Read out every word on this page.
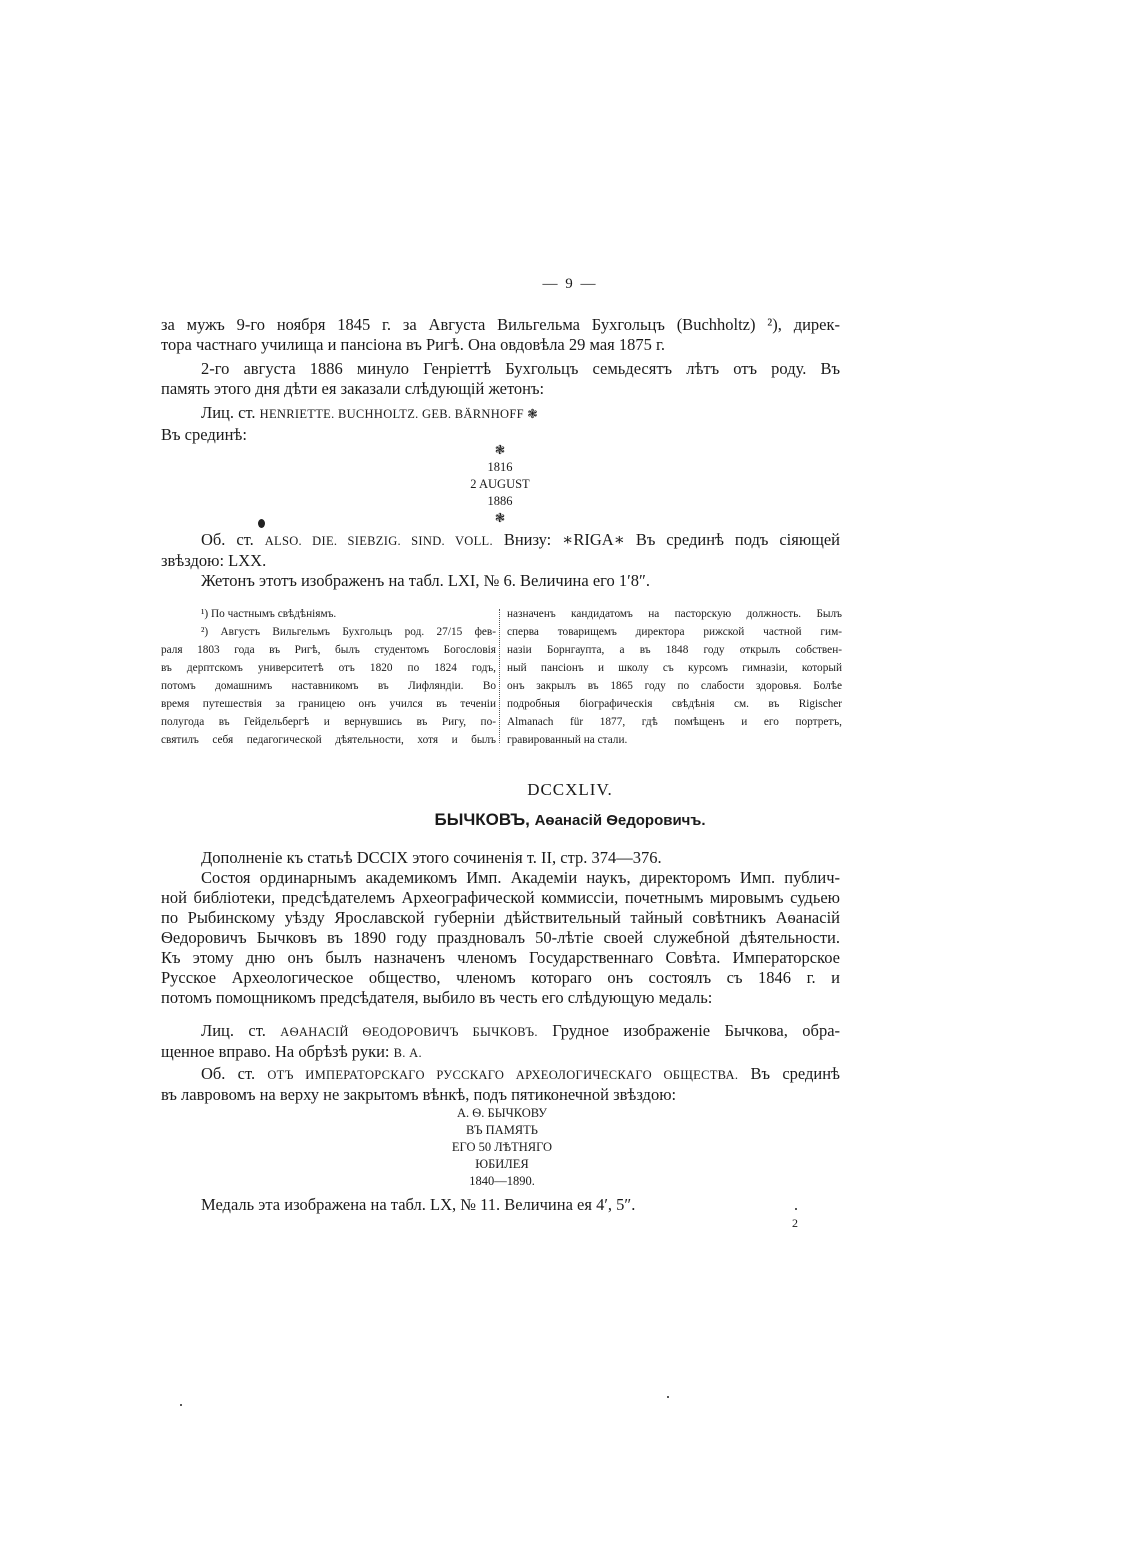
— 9 —
за мужъ 9-го ноября 1845 г. за Августа Вильгельма Бухгольцъ (Buchholtz) ²), дирек-
тора частнаго училища и пансіона въ Ригѣ. Она овдовѣла 29 мая 1875 г.
2-го августа 1886 минуло Генріеттѣ Бухгольцъ семьдесятъ лѣтъ отъ роду. Въ
память этого дня дѣти ея заказали слѣдующій жетонъ:
Лиц. ст. HENRIETTE. BUCHHOLTZ. GEB. BÄRNHOFF ❃
Въ срединѣ:
❃
1816
2 AUGUST
1886
❃
Об. ст. ALSO. DIE. SIEBZIG. SIND. VOLL. Внизу: ∗RIGA∗ Въ срединѣ подъ сіяющей
звѣздою: LXX.
Жетонъ этотъ изображенъ на табл. LXI, № 6. Величина его 1′8″.
¹) По частнымъ свѣдѣніямъ.
²) Августъ Вильгельмъ Бухгольцъ род. 27/15 фев-
раля 1803 года въ Ригѣ, былъ студентомъ Богословія
въ дерптскомъ университетѣ отъ 1820 по 1824 годъ,
потомъ домашнимъ наставникомъ въ Лифляндіи. Во
время путешествія за границею онъ учился въ теченіи
полугода въ Гейдельбергѣ и вернувшись въ Ригу, по-
святилъ себя педагогической дѣятельности, хотя и былъ
назначенъ кандидатомъ на пасторскую должность. Былъ
сперва товарищемъ директора рижской частной гим-
назіи Борнгаупта, а въ 1848 году открылъ собствен-
ный пансіонъ и школу съ курсомъ гимназіи, который
онъ закрылъ въ 1865 году по слабости здоровья. Болѣе
подробныя біографическія свѣдѣнія см. въ Rigischer
Almanach für 1877, гдѣ помѣщенъ и его портретъ,
гравированный на стали.
DCCXLIV.
БЫЧКОВЪ, Аѳанасій Ѳедоровичъ.
Дополненіе къ статьѣ DCCIX этого сочиненія т. II, стр. 374—376.
Состоя ординарнымъ академикомъ Имп. Академіи наукъ, директоромъ Имп. публич-
ной библіотеки, предсѣдателемъ Археографической коммиссіи, почетнымъ мировымъ судьею
по Рыбинскому уѣзду Ярославской губерніи дѣйствительный тайный совѣтникъ Аѳанасій
Ѳедоровичъ Бычковъ въ 1890 году праздновалъ 50-лѣтіе своей служебной дѣятельности.
Къ этому дню онъ былъ назначенъ членомъ Государственнаго Совѣта. Императорское
Русское Археологическое общество, членомъ котораго онъ состоялъ съ 1846 г. и
потомъ помощникомъ предсѣдателя, выбило въ честь его слѣдующую медаль:
Лиц. ст. АѲАНАСІЙ ѲЕОДОРОВИЧЪ БЫЧКОВЪ. Грудное изображеніе Бычкова, обра-
щенное вправо. На обрѣзѣ руки: В. А.
Об. ст. ОТЪ ИМПЕРАТОРСКАГО РУССКАГО АРХЕОЛОГИЧЕСКАГО ОБЩЕСТВА. Въ срединѣ
въ лавровомъ на верху не закрытомъ вѣнкѣ, подъ пятиконечной звѣздою:
А. Ѳ. БЫЧКОВУ
ВЪ ПАМЯТЬ
ЕГО 50 ЛѢТНЯГО
ЮБИЛЕЯ
1840—1890.
Медаль эта изображена на табл. LX, № 11. Величина ея 4′, 5″.
2
